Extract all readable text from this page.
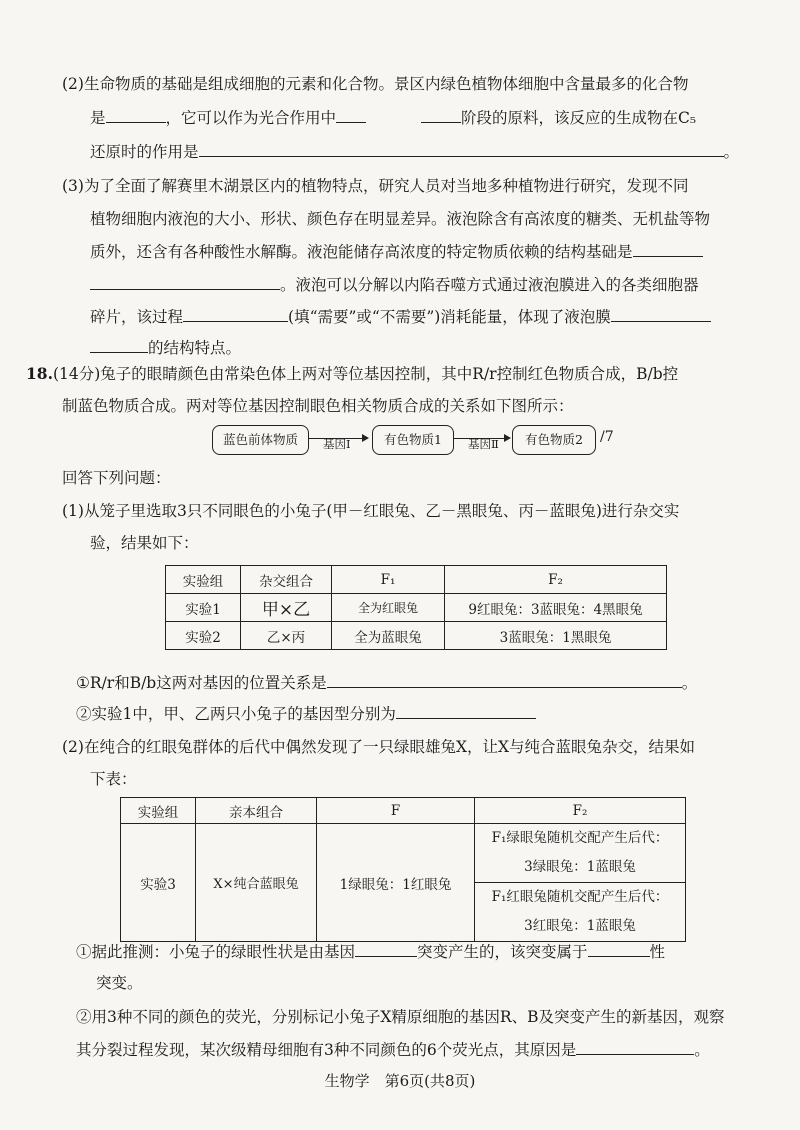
(2)生命物质的基础是组成细胞的元素和化合物。景区内绿色植物体细胞中含量最多的化合物
是	，它可以作为光合作用中	阶段的原料，该反应的生成物在C₅
还原时的作用是	。
(3)为了全面了解赛里木湖景区内的植物特点，研究人员对当地多种植物进行研究，发现不同
植物细胞内液泡的大小、形状、颜色存在明显差异。液泡除含有高浓度的糖类、无机盐等物
质外，还含有各种酸性水解酶。液泡能储存高浓度的特定物质依赖的结构基础是
。液泡可以分解以内陷吞噬方式通过液泡膜进入的各类细胞器
碎片，该过程	(填“需要”或“不需要”)消耗能量，体现了液泡膜
的结构特点。
18.(14分)兔子的眼睛颜色由常染色体上两对等位基因控制，其中R/r控制红色物质合成，B/b控
制蓝色物质合成。两对等位基因控制眼色相关物质合成的关系如下图所示：
蓝色前体物质	基因Ⅰ	有色物质1	基因Ⅱ	有色物质2	/7
回答下列问题：
(1)从笼子里选取3只不同眼色的小兔子(甲－红眼兔、乙－黑眼兔、丙－蓝眼兔)进行杂交实
验，结果如下：
实验组	杂交组合	F₁	F₂
实验1	甲×乙	全为红眼兔	9红眼兔：3蓝眼兔：4黑眼兔
实验2	乙×丙	全为蓝眼兔	3蓝眼兔：1黑眼兔
①R/r和B/b这两对基因的位置关系是	。
②实验1中，甲、乙两只小兔子的基因型分别为
(2)在纯合的红眼兔群体的后代中偶然发现了一只绿眼雄兔X，让X与纯合蓝眼兔杂交，结果如
下表：
实验组	亲本组合	F	F₂
实验3	X×纯合蓝眼兔	1绿眼兔：1红眼兔	F₁绿眼兔随机交配产生后代：
3绿眼兔：1蓝眼兔
F₁红眼兔随机交配产生后代：
3红眼兔：1蓝眼兔
①据此推测：小兔子的绿眼性状是由基因	突变产生的，该突变属于	性
突变。
②用3种不同的颜色的荧光，分别标记小兔子X精原细胞的基因R、B及突变产生的新基因，观察
其分裂过程发现，某次级精母细胞有3种不同颜色的6个荧光点，其原因是	。
生物学　第6页(共8页)
